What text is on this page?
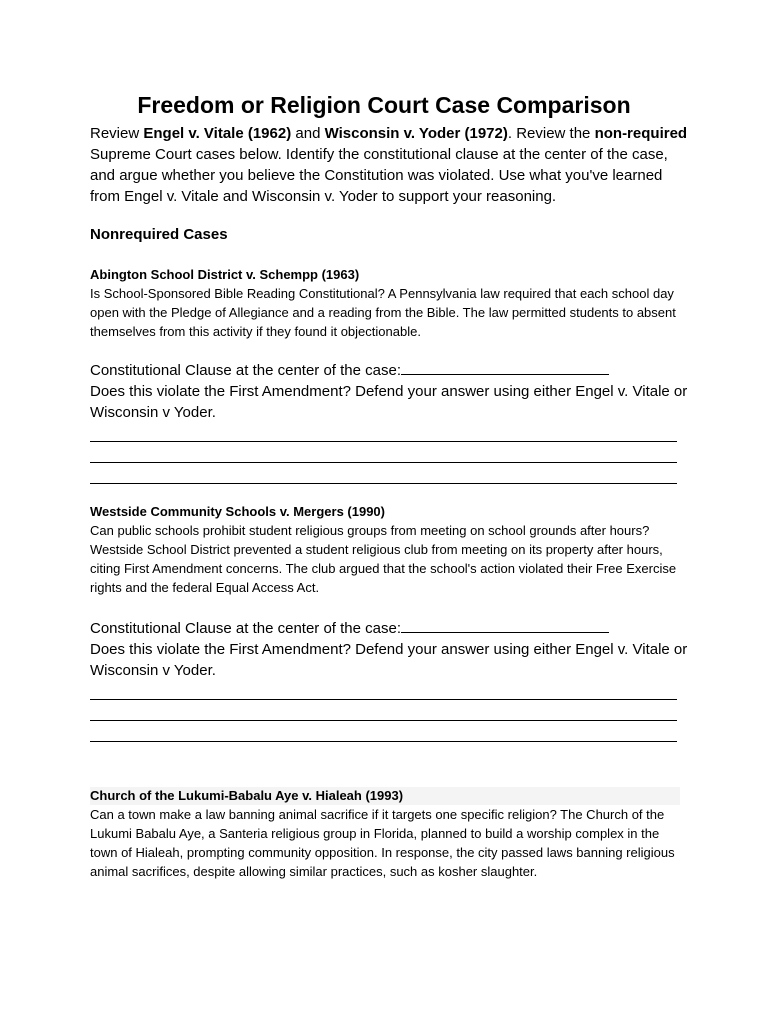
Freedom or Religion Court Case Comparison

Review Engel v. Vitale (1962) and Wisconsin v. Yoder (1972). Review the non-required Supreme Court cases below. Identify the constitutional clause at the center of the case, and argue whether you believe the Constitution was violated. Use what you've learned from Engel v. Vitale and Wisconsin v. Yoder to support your reasoning.

Nonrequired Cases

Abington School District v. Schempp (1963)

Is School-Sponsored Bible Reading Constitutional? A Pennsylvania law required that each school day open with the Pledge of Allegiance and a reading from the Bible. The law permitted students to absent themselves from this activity if they found it objectionable.

Constitutional Clause at the center of the case:

Does this violate the First Amendment? Defend your answer using either Engel v. Vitale or Wisconsin v Yoder.

Westside Community Schools v. Mergers (1990)

Can public schools prohibit student religious groups from meeting on school grounds after hours? Westside School District prevented a student religious club from meeting on its property after hours, citing First Amendment concerns. The club argued that the school's action violated their Free Exercise rights and the federal Equal Access Act.

Constitutional Clause at the center of the case:

Does this violate the First Amendment? Defend your answer using either Engel v. Vitale or Wisconsin v Yoder.

Church of the Lukumi-Babalu Aye v. Hialeah (1993)

Can a town make a law banning animal sacrifice if it targets one specific religion? The Church of the Lukumi Babalu Aye, a Santeria religious group in Florida, planned to build a worship complex in the town of Hialeah, prompting community opposition. In response, the city passed laws banning religious animal sacrifices, despite allowing similar practices, such as kosher slaughter.
